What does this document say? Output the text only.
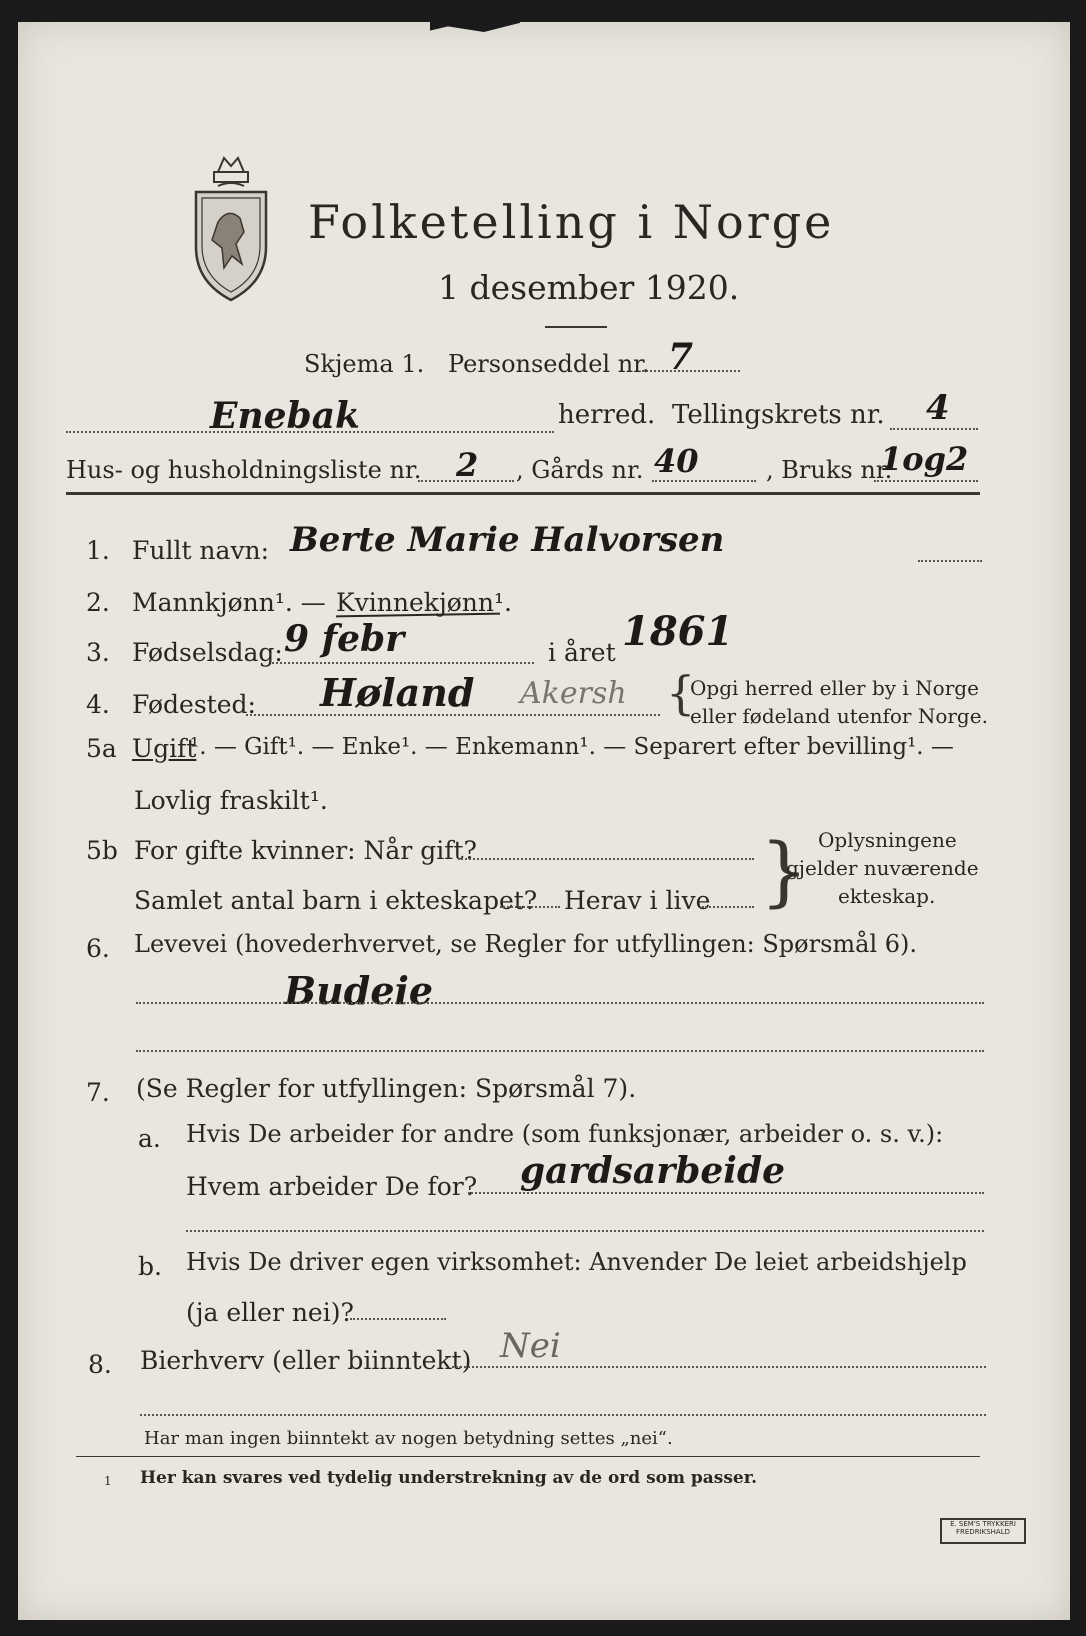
Folketelling i Norge
1 desember 1920.
Skjema 1. Personseddel nr. 7
Enebak	herred. Tellingskrets nr. 4
Hus- og husholdningsliste nr. 2 , Gårds nr. 40	, Bruks nr.
1og2
1. Fullt navn: Berte Marie Halvorsen
2. Mannkjønn¹. — Kvinnekjønn¹.
3. Fødselsdag: 9 febr	i året 1861
4. Fødested: Høland Akersh {
Opgi herred eller by i Norge
eller fødeland utenfor Norge.
5a Ugift
¹. — Gift¹. — Enke¹. — Enkemann¹. — Separert efter bevilling¹. —
Lovlig fraskilt¹.
5b For gifte kvinner: Når gift?
Samlet antal barn i ekteskapet? Herav i live } Oplysningene
gjelder nuværende
ekteskap.
6. Levevei (hovederhvervet, se Regler for utfyllingen: Spørsmål 6).
Budeie
7. (Se Regler for utfyllingen: Spørsmål 7).
a. Hvis De arbeider for andre (som funksjonær, arbeider o. s. v.):
Hvem arbeider De for? gardsarbeide
b. Hvis De driver egen virksomhet: Anvender De leiet arbeidshjelp
(ja eller nei)?
8. Bierhverv (eller biinntekt) Nei
Har man ingen biinntekt av nogen betydning settes „nei“.
1 Her kan svares ved tydelig understrekning av de ord som passer.
E. SEM'S TRYKKERI FREDRIKSHALD
